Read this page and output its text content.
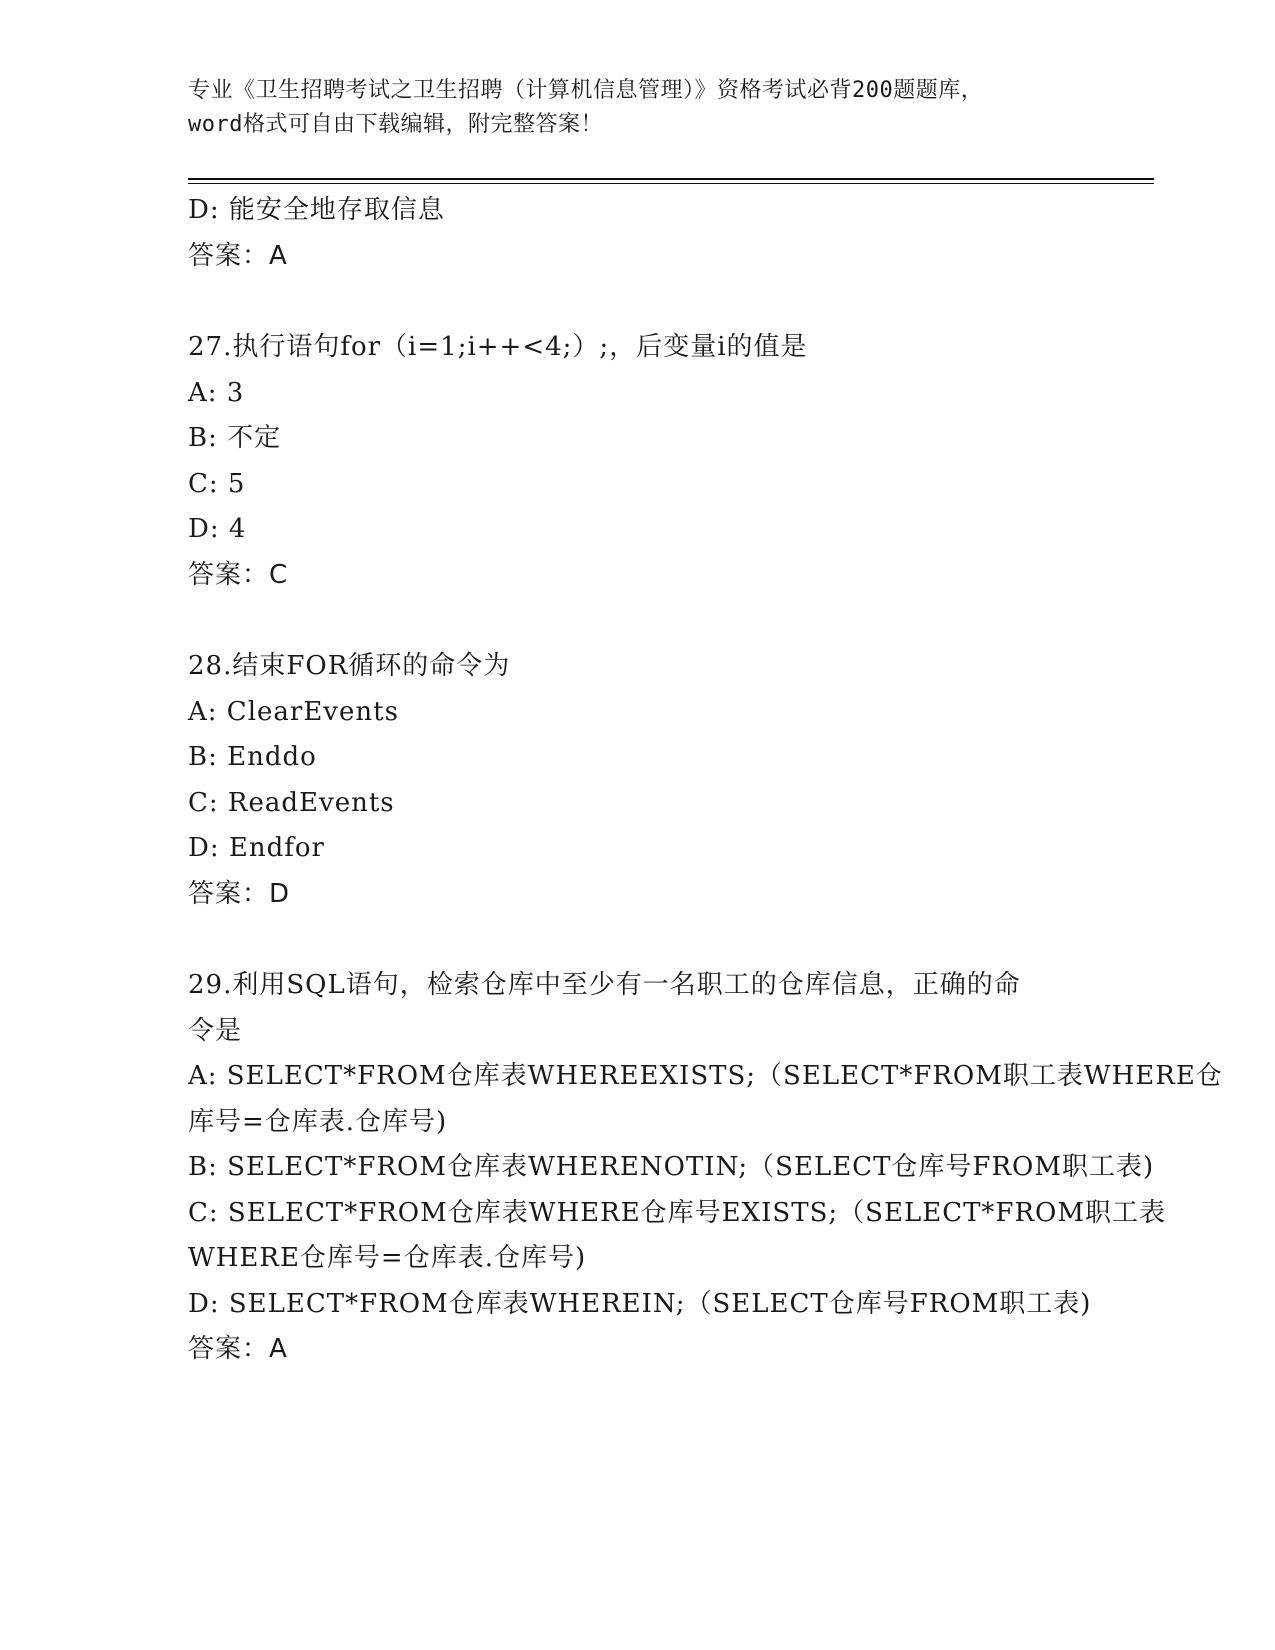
专业《卫生招聘考试之卫生招聘（计算机信息管理）》资格考试必背200题题库，
word格式可自由下载编辑，附完整答案！
D: 能安全地存取信息
答案：A
27.执行语句for（i=1;i++<4;）;，后变量i的值是
A: 3
B: 不定
C: 5
D: 4
答案：C
28.结束FOR循环的命令为
A: ClearEvents
B: Enddo
C: ReadEvents
D: Endfor
答案：D
29.利用SQL语句，检索仓库中至少有一名职工的仓库信息，正确的命
令是
A: SELECT*FROM仓库表WHEREEXISTS;（SELECT*FROM职工表WHERE仓
库号=仓库表.仓库号)
B: SELECT*FROM仓库表WHERENOTIN;（SELECT仓库号FROM职工表)
C: SELECT*FROM仓库表WHERE仓库号EXISTS;（SELECT*FROM职工表
WHERE仓库号=仓库表.仓库号)
D: SELECT*FROM仓库表WHEREIN;（SELECT仓库号FROM职工表)
答案：A
